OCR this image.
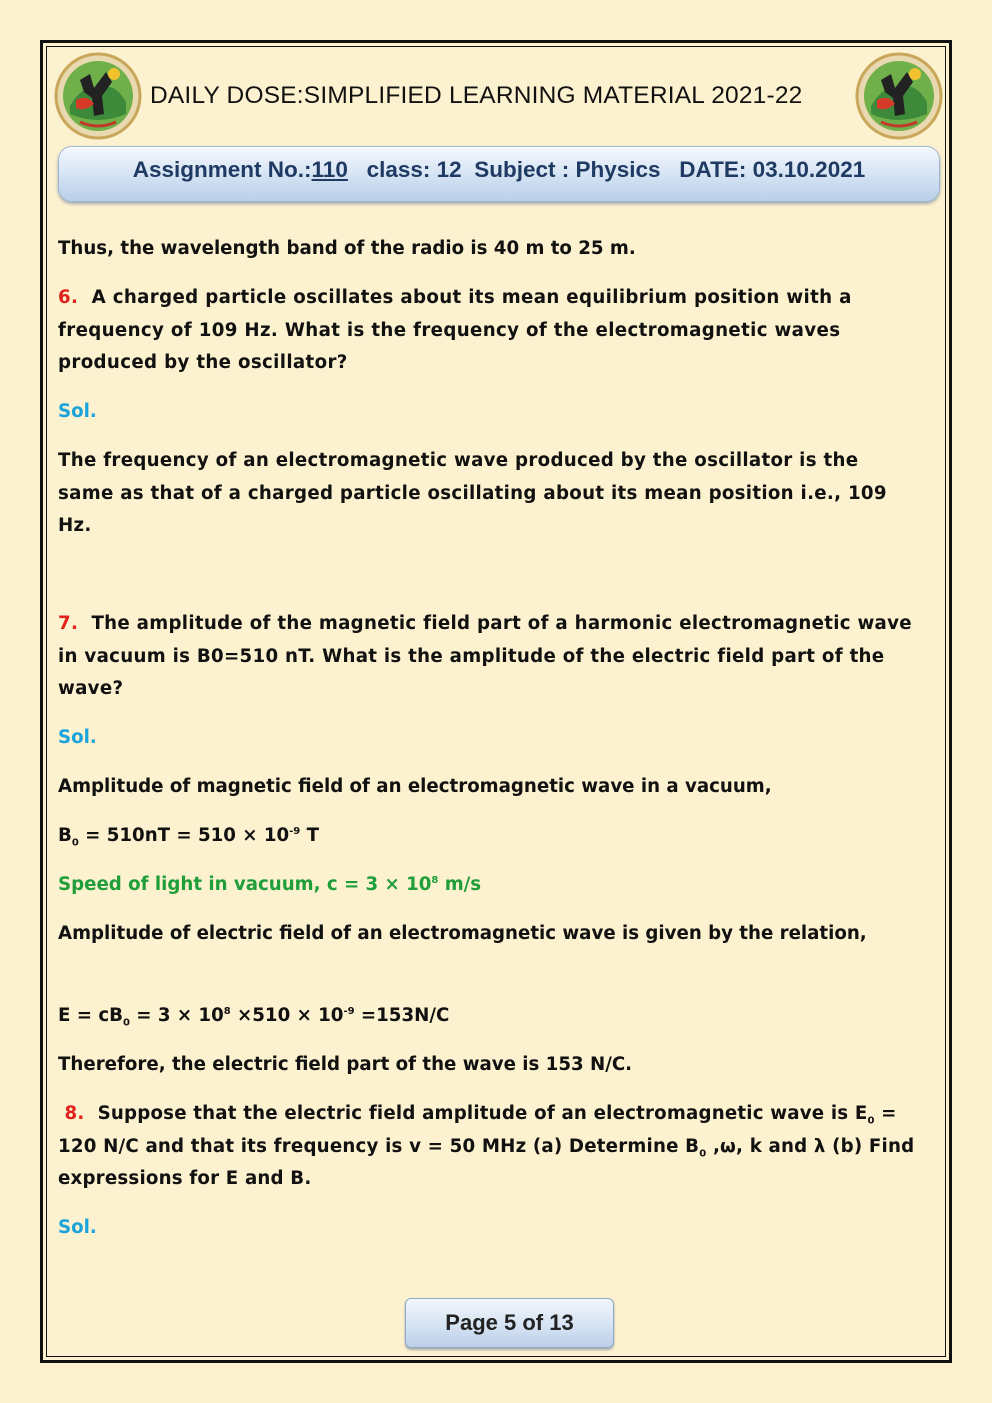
DAILY DOSE:SIMPLIFIED LEARNING MATERIAL 2021-22
Assignment No.:110 class: 12 Subject : Physics DATE: 03.10.2021
Thus, the wavelength band of the radio is 40 m to 25 m.
6. A charged particle oscillates about its mean equilibrium position with a frequency of 109 Hz. What is the frequency of the electromagnetic waves produced by the oscillator?
Sol.
The frequency of an electromagnetic wave produced by the oscillator is the same as that of a charged particle oscillating about its mean position i.e., 109 Hz.
7. The amplitude of the magnetic field part of a harmonic electromagnetic wave in vacuum is B0=510 nT. What is the amplitude of the electric field part of the wave?
Sol.
Amplitude of magnetic field of an electromagnetic wave in a vacuum,
$B_0 = 510nT = 510 \times 10^{-9}$ T
Speed of light in vacuum, $c = 3 \times 10^8$ m/s
Amplitude of electric field of an electromagnetic wave is given by the relation,
$E = cB_0 = 3 \times 10^8 \times 510 \times 10^{-9} =153N/C$
Therefore, the electric field part of the wave is 153 N/C.
8. Suppose that the electric field amplitude of an electromagnetic wave is $E_0 = 120$ N/C and that its frequency is v = 50 MHz (a) Determine $B_0$ ,ω, k and λ (b) Find expressions for E and B.
Sol.
Page 5 of 13
